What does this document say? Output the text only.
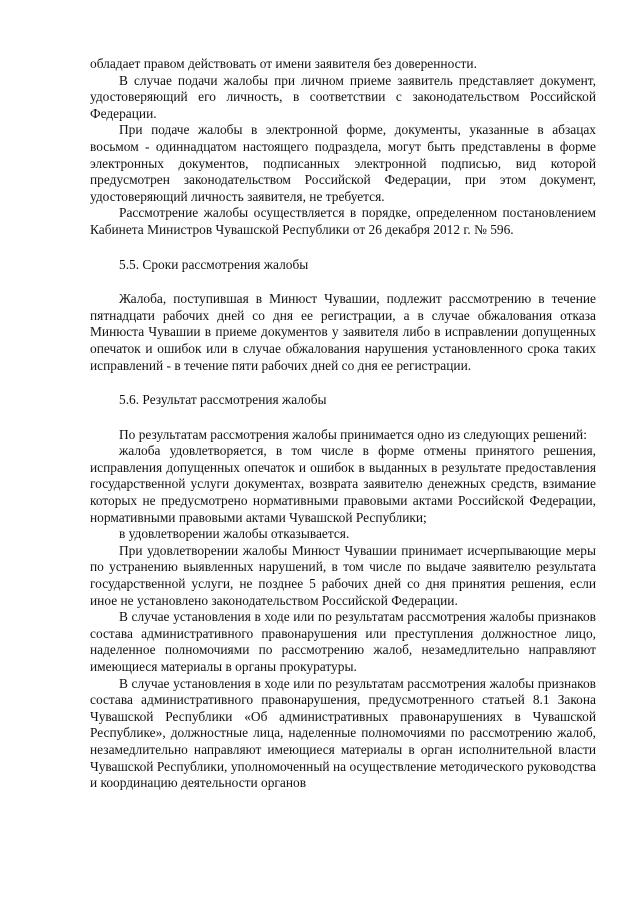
обладает правом действовать от имени заявителя без доверенности.

В случае подачи жалобы при личном приеме заявитель представляет документ, удостоверяющий его личность, в соответствии с законодательством Российской Федерации.

При подаче жалобы в электронной форме, документы, указанные в абзацах восьмом - одиннадцатом настоящего подраздела, могут быть представлены в форме электронных документов, подписанных электронной подписью, вид которой предусмотрен законодательством Российской Федерации, при этом документ, удостоверяющий личность заявителя, не требуется.

Рассмотрение жалобы осуществляется в порядке, определенном постановлением Кабинета Министров Чувашской Республики от 26 декабря 2012 г. № 596.

5.5. Сроки рассмотрения жалобы

Жалоба, поступившая в Минюст Чувашии, подлежит рассмотрению в течение пятнадцати рабочих дней со дня ее регистрации, а в случае обжалования отказа Минюста Чувашии в приеме документов у заявителя либо в исправлении допущенных опечаток и ошибок или в случае обжалования нарушения установленного срока таких исправлений - в течение пяти рабочих дней со дня ее регистрации.

5.6. Результат рассмотрения жалобы

По результатам рассмотрения жалобы принимается одно из следующих решений:

жалоба удовлетворяется, в том числе в форме отмены принятого решения, исправления допущенных опечаток и ошибок в выданных в результате предоставления государственной услуги документах, возврата заявителю денежных средств, взимание которых не предусмотрено нормативными правовыми актами Российской Федерации, нормативными правовыми актами Чувашской Республики;

в удовлетворении жалобы отказывается.

При удовлетворении жалобы Минюст Чувашии принимает исчерпывающие меры по устранению выявленных нарушений, в том числе по выдаче заявителю результата государственной услуги, не позднее 5 рабочих дней со дня принятия решения, если иное не установлено законодательством Российской Федерации.

В случае установления в ходе или по результатам рассмотрения жалобы признаков состава административного правонарушения или преступления должностное лицо, наделенное полномочиями по рассмотрению жалоб, незамедлительно направляют имеющиеся материалы в органы прокуратуры.

В случае установления в ходе или по результатам рассмотрения жалобы признаков состава административного правонарушения, предусмотренного статьей 8.1 Закона Чувашской Республики «Об административных правонарушениях в Чувашской Республике», должностные лица, наделенные полномочиями по рассмотрению жалоб, незамедлительно направляют имеющиеся материалы в орган исполнительной власти Чувашской Республики, уполномоченный на осуществление методического руководства и координацию деятельности органов
